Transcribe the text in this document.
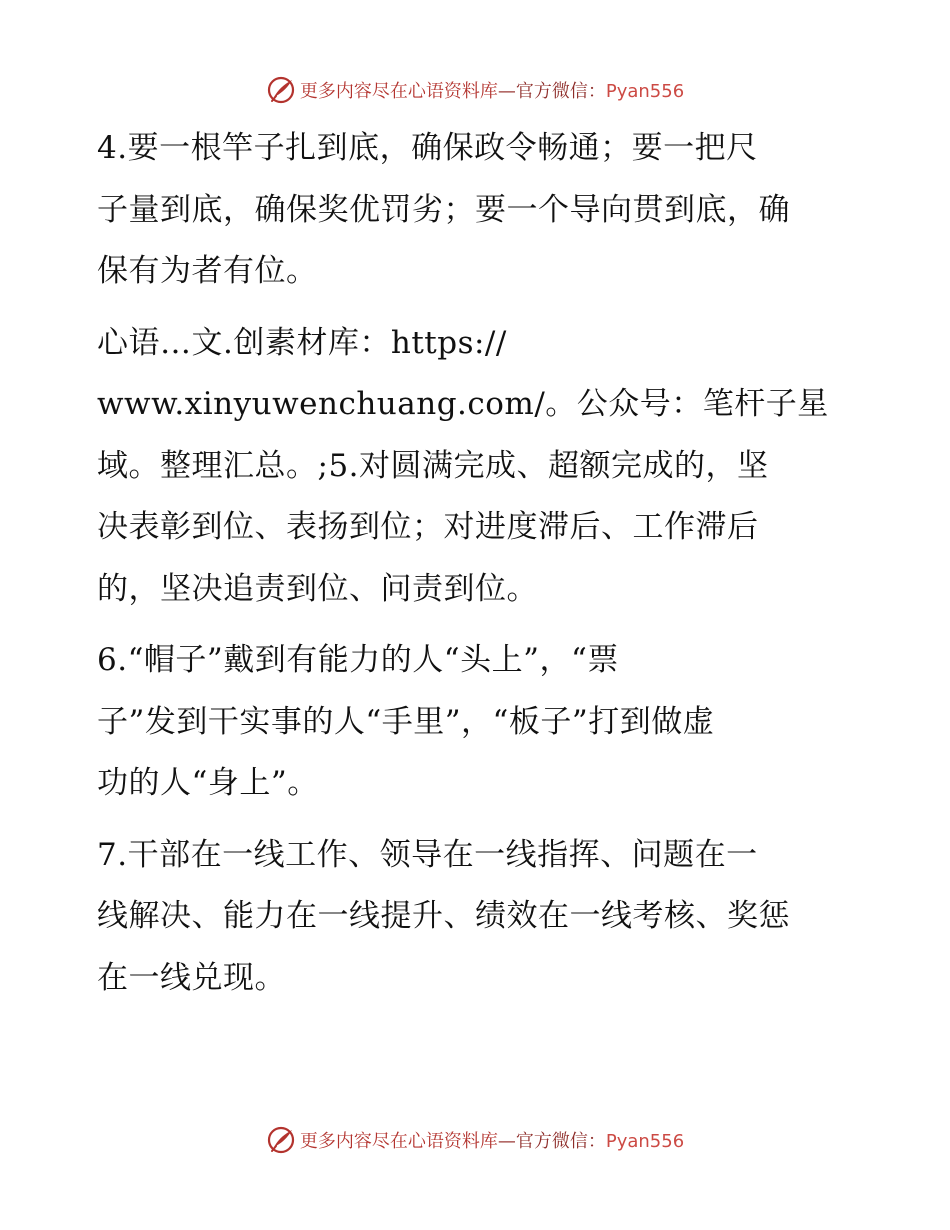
更多内容尽在心语资料库—官方微信：Pyan556

4.要一根竿子扎到底，确保政令畅通；要一把尺
子量到底，确保奖优罚劣；要一个导向贯到底，确
保有为者有位。

心语…文.创素材库：https://
www.xinyuwenchuang.com/。公众号：笔杆子星
域。整理汇总。;5.对圆满完成、超额完成的，坚
决表彰到位、表扬到位；对进度滞后、工作滞后
的，坚决追责到位、问责到位。

6.“帽子”戴到有能力的人“头上”，“票
子”发到干实事的人“手里”，“板子”打到做虚
功的人“身上”。

7.干部在一线工作、领导在一线指挥、问题在一
线解决、能力在一线提升、绩效在一线考核、奖惩
在一线兑现。

更多内容尽在心语资料库—官方微信：Pyan556
